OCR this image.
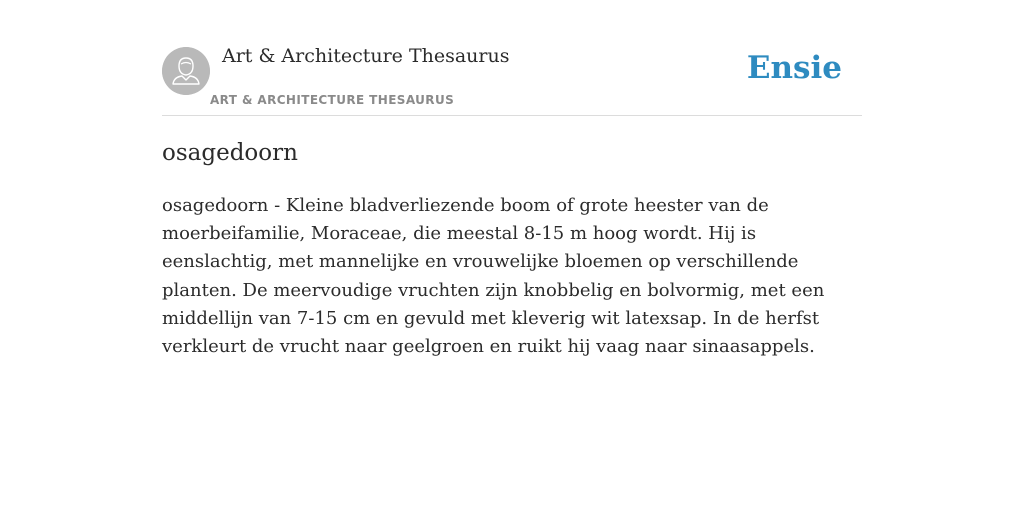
Art & Architecture Thesaurus
ART & ARCHITECTURE THESAURUS
Ensie
osagedoorn

osagedoorn - Kleine bladverliezende boom of grote heester van de moerbeifamilie, Moraceae, die meestal 8-15 m hoog wordt. Hij is eenslachtig, met mannelijke en vrouwelijke bloemen op verschillende planten. De meervoudige vruchten zijn knobbelig en bolvormig, met een middellijn van 7-15 cm en gevuld met kleverig wit latexsap. In de herfst verkleurt de vrucht naar geelgroen en ruikt hij vaag naar sinaasappels.
